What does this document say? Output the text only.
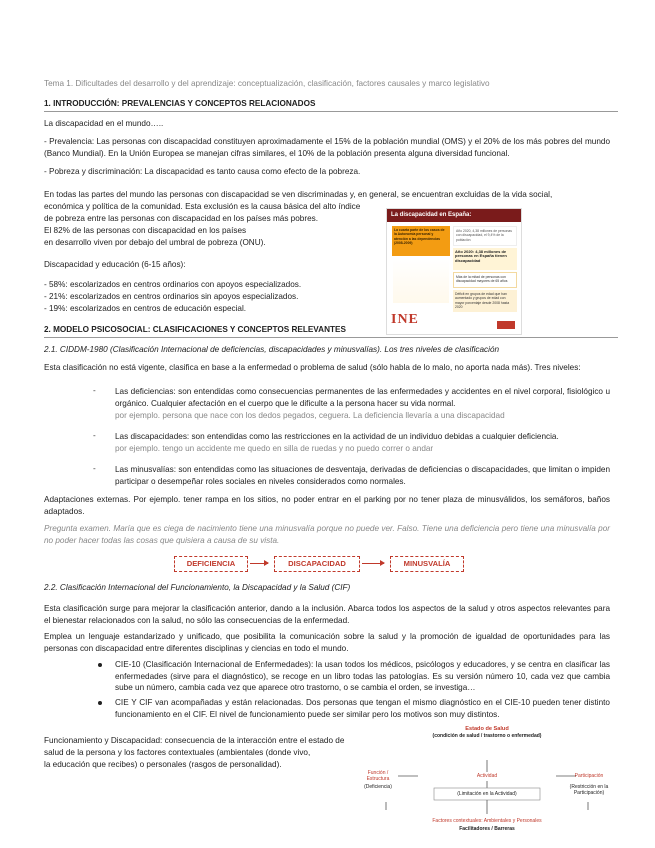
Tema 1. Dificultades del desarrollo y del aprendizaje: conceptualización, clasificación, factores causales y marco legislativo
1. INTRODUCCIÓN: PREVALENCIAS Y CONCEPTOS RELACIONADOS
La discapacidad en el mundo…..
- Prevalencia: Las personas con discapacidad constituyen aproximadamente el 15% de la población mundial (OMS) y el 20% de los más pobres del mundo (Banco Mundial). En la Unión Europea se manejan cifras similares, el 10% de la población presenta alguna diversidad funcional.
- Pobreza y discriminación: La discapacidad es tanto causa como efecto de la pobreza.
En todas las partes del mundo las personas con discapacidad se ven discriminadas y, en general, se encuentran excluidas de la vida social,
económica y política de la comunidad. Esta exclusión es la causa básica del alto índice
de pobreza entre las personas con discapacidad en los países más pobres.
El 82% de las personas con discapacidad en los países
en desarrollo viven por debajo del umbral de pobreza (ONU).
Discapacidad y educación (6-15 años):
- 58%: escolarizados en centros ordinarios con apoyos especializados.
- 21%: escolarizados en centros ordinarios sin apoyos especializados.
- 19%: escolarizados en centros de educación especial.
La discapacidad en España:
La cuarta parte de los casos de la Autonomía personal y atención a las dependencias (2008-2009)
Año 2020, 4,38 millones de personas con discapacidad, el 9,4% de la población
Año 2020: 4,38 millones de personas en España tienen discapacidad
Más de la mitad de personas con discapacidad mayores de 65 años
Déficit en grupos de edad que han aumentado y grupos de edad con mayor porcentaje desde 2008 hasta 2020
INE
2. MODELO PSICOSOCIAL: CLASIFICACIONES Y CONCEPTOS RELEVANTES
2.1. CIDDM-1980 (Clasificación Internacional de deficiencias, discapacidades y minusvalías). Los tres niveles de clasificación
Esta clasificación no está vigente, clasifica en base a la enfermedad o problema de salud (sólo habla de lo malo, no aporta nada más). Tres niveles:
- Las deficiencias: son entendidas como consecuencias permanentes de las enfermedades y accidentes en el nivel corporal, fisiológico u orgánico. Cualquier afectación en el cuerpo que le dificulte a la persona hacer su vida normal.
por ejemplo. persona que nace con los dedos pegados, ceguera. La deficiencia llevaría a una discapacidad
- Las discapacidades: son entendidas como las restricciones en la actividad de un individuo debidas a cualquier deficiencia.
por ejemplo. tengo un accidente me quedo en silla de ruedas y no puedo correr o andar
- Las minusvalías: son entendidas como las situaciones de desventaja, derivadas de deficiencias o discapacidades, que limitan o impiden participar o desempeñar roles sociales en niveles considerados como normales.
Adaptaciones externas. Por ejemplo. tener rampa en los sitios, no poder entrar en el parking por no tener plaza de minusválidos, los semáforos, baños adaptados.
Pregunta examen. María que es ciega de nacimiento tiene una minusvalía porque no puede ver. Falso. Tiene una deficiencia pero tiene una minusvalía por no poder hacer todas las cosas que quisiera a causa de su vista.
DEFICIENCIA	DISCAPACIDAD	MINUSVALÍA
2.2. Clasificación Internacional del Funcionamiento, la Discapacidad y la Salud (CIF)
Esta clasificación surge para mejorar la clasificación anterior, dando a la inclusión. Abarca todos los aspectos de la salud y otros aspectos relevantes para el bienestar relacionados con la salud, no sólo las consecuencias de la enfermedad.
Emplea un lenguaje estandarizado y unificado, que posibilita la comunicación sobre la salud y la promoción de igualdad de oportunidades para las personas con discapacidad entre diferentes disciplinas y ciencias en todo el mundo.
CIE-10 (Clasificación Internacional de Enfermedades): la usan todos los médicos, psicólogos y educadores, y se centra en clasificar las enfermedades (sirve para el diagnóstico), se recoge en un libro todas las patologías. Es su versión número 10, cada vez que cambia sube un número, cambia cada vez que aparece otro trastorno, o se cambia el orden, se investiga…
CIE Y CIF van acompañadas y están relacionadas. Dos personas que tengan el mismo diagnóstico en el CIE-10 pueden tener distinto funcionamiento en el CIF. El nivel de funcionamiento puede ser similar pero los motivos son muy distintos.
Funcionamiento y Discapacidad: consecuencia de la interacción entre el estado de
salud de la persona y los factores contextuales (ambientales (donde vivo,
la educación que recibes) o personales (rasgos de personalidad).
Estado de Salud
(condición de salud / trastorno o enfermedad)
Función / Estructura
(Deficiencia)
Actividad
(Limitación en la Actividad)
Participación
(Restricción en la Participación)
Factores contextuales: Ambientales y Personales
Facilitadores / Barreras
